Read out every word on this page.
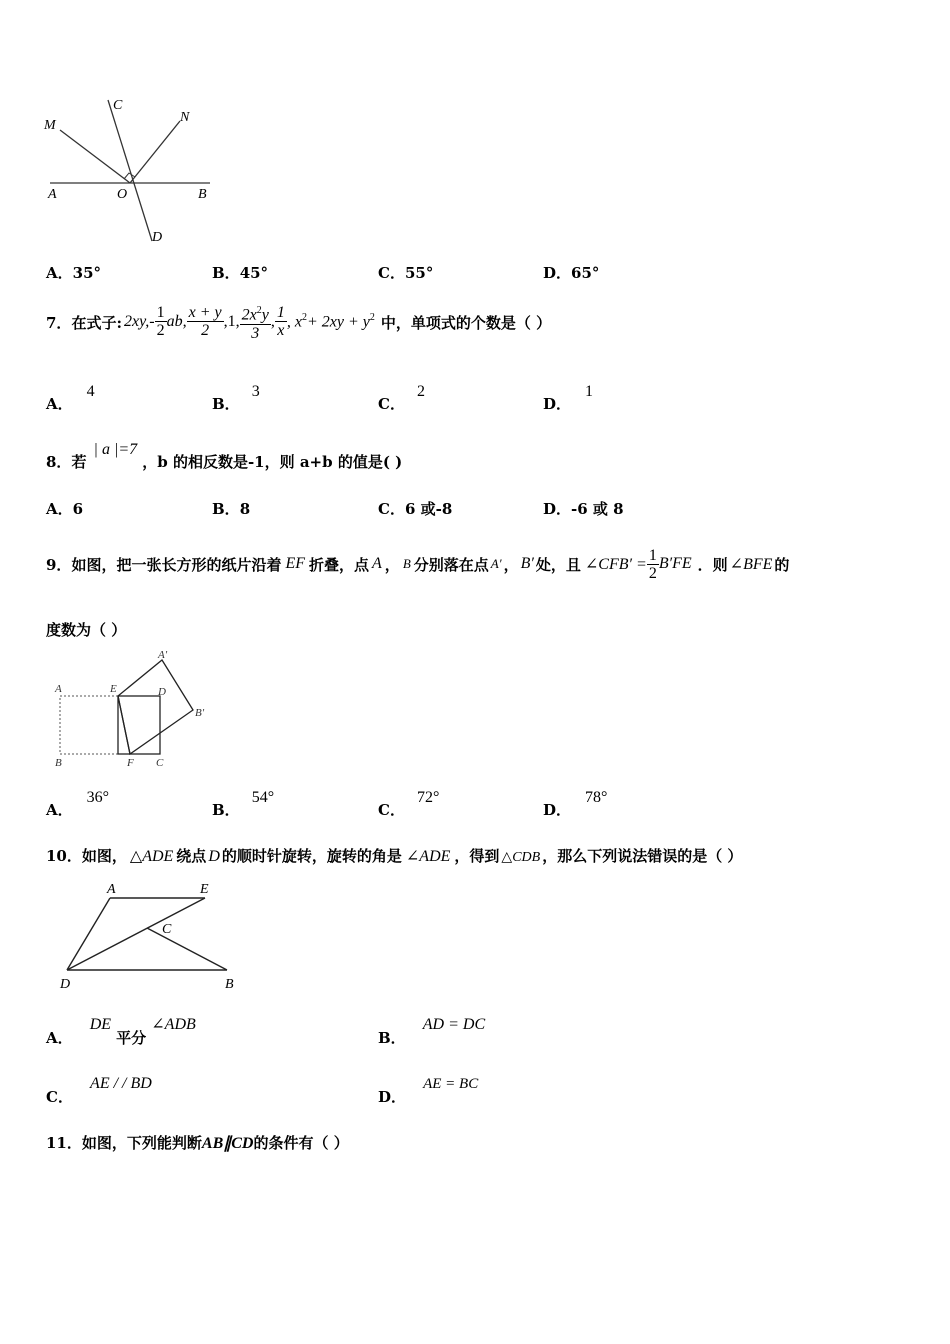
M
C
N
A	O	B
D
A．35°	B．45°	C．55°	D．65°
7． 在式子: $2xy,- \frac{1}{2}$ ab, $\frac{x + y}{2} ,1$, $\frac{2x^2y}{3}$ , $\frac{1}{x}$ , $x^2 + 2xy + y^2$ 中，单项式的个数是（ ）
A．4
B．3
C．2
D．1
8．若 | a |=7 ，b 的相反数是-1，则 a+b 的值是( )
A．6	B．8	C．6 或-8	D．-6 或 8
9． 如图，把一张长方形的纸片沿着 EF 折叠，点 A ， B 分别落在点 A′ ， B′ 处，且 ∠CFB′ = $\frac{1}{2} B'FE$ ．则 ∠BFE 的
度数为（ ）
A
A′
E	D
B′
B	F C
A．36°
B．54°
C．72°
D．78°
10． 如图， △ADE 绕点 D 的顺时针旋转，旋转的角是 ∠ADE ，得到 △CDB ，那么下列说法错误的是（ ）
A	E
C
D	B
A． DE 平分 ∠ADB
B． AD = DC
C． AE / / BD
D． AE = BC
11．如图，下列能判断AB∥CD的条件有（ ）
